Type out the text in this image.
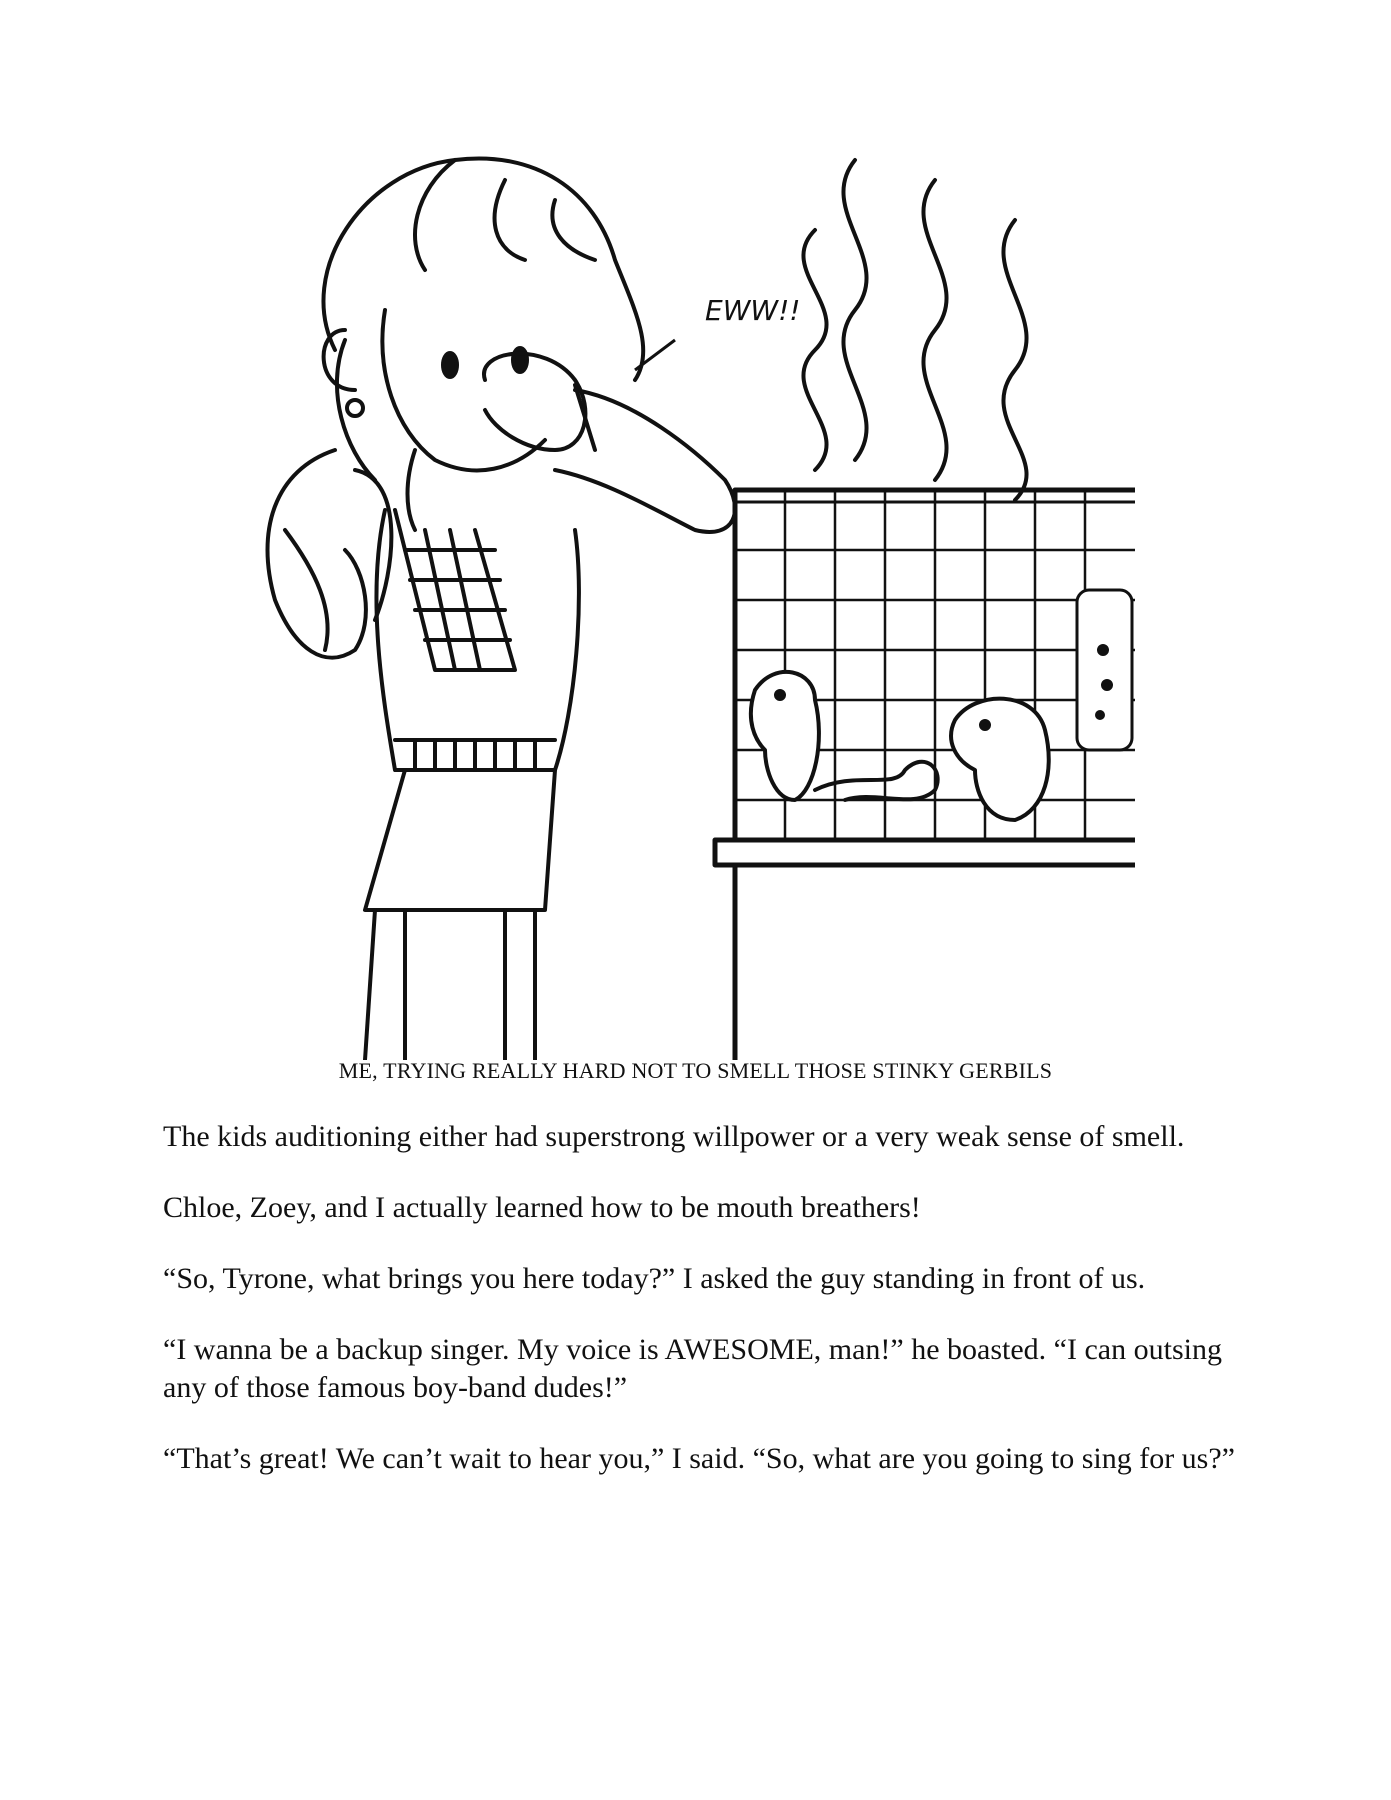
EWW!!
ME, TRYING REALLY HARD NOT TO SMELL THOSE STINKY GERBILS

The kids auditioning either had superstrong willpower or a very weak sense of smell.

Chloe, Zoey, and I actually learned how to be mouth breathers!

“So, Tyrone, what brings you here today?” I asked the guy standing in front of us.

“I wanna be a backup singer. My voice is AWESOME, man!” he boasted. “I can outsing any of those famous boy-band dudes!”

“That’s great! We can’t wait to hear you,” I said. “So, what are you going to sing for us?”
